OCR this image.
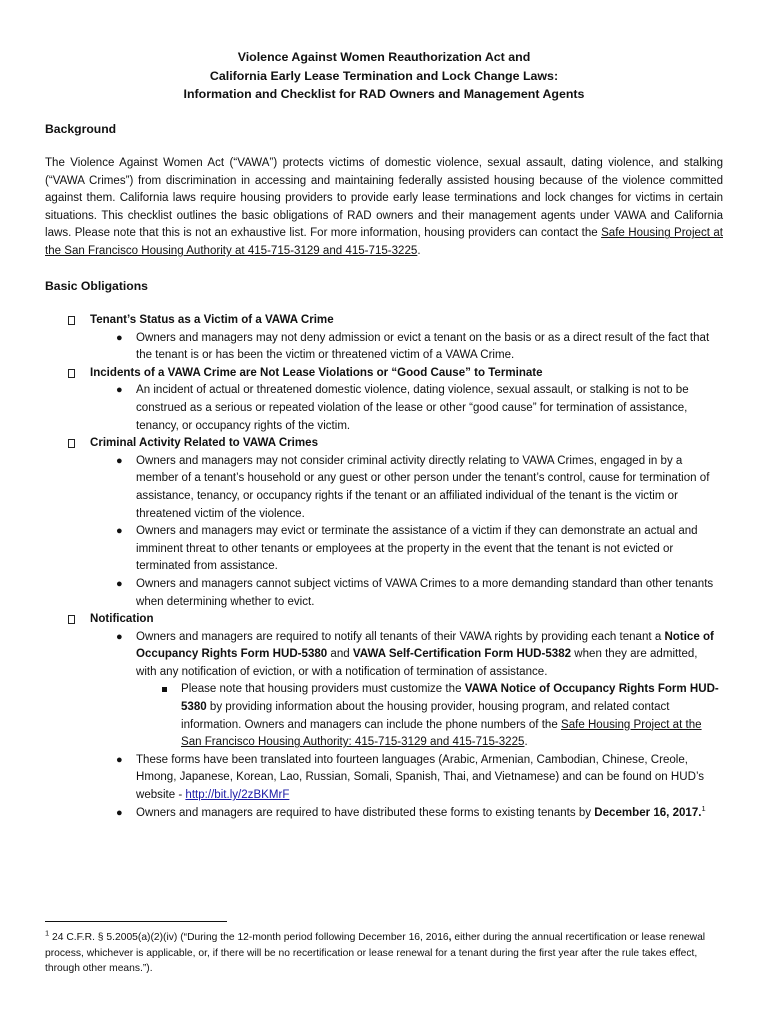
Violence Against Women Reauthorization Act and
California Early Lease Termination and Lock Change Laws:
Information and Checklist for RAD Owners and Management Agents
Background
The Violence Against Women Act (“VAWA”) protects victims of domestic violence, sexual assault, dating violence, and stalking (“VAWA Crimes”) from discrimination in accessing and maintaining federally assisted housing because of the violence committed against them. California laws require housing providers to provide early lease terminations and lock changes for victims in certain situations. This checklist outlines the basic obligations of RAD owners and their management agents under VAWA and California laws. Please note that this is not an exhaustive list. For more information, housing providers can contact the Safe Housing Project at the San Francisco Housing Authority at 415-715-3129 and 415-715-3225.
Basic Obligations
Tenant’s Status as a Victim of a VAWA Crime
● Owners and managers may not deny admission or evict a tenant on the basis or as a direct result of the fact that the tenant is or has been the victim or threatened victim of a VAWA Crime.
Incidents of a VAWA Crime are Not Lease Violations or “Good Cause” to Terminate
● An incident of actual or threatened domestic violence, dating violence, sexual assault, or stalking is not to be construed as a serious or repeated violation of the lease or other “good cause” for termination of assistance, tenancy, or occupancy rights of the victim.
Criminal Activity Related to VAWA Crimes
● Owners and managers may not consider criminal activity directly relating to VAWA Crimes, engaged in by a member of a tenant’s household or any guest or other person under the tenant’s control, cause for termination of assistance, tenancy, or occupancy rights if the tenant or an affiliated individual of the tenant is the victim or threatened victim of the violence.
● Owners and managers may evict or terminate the assistance of a victim if they can demonstrate an actual and imminent threat to other tenants or employees at the property in the event that the tenant is not evicted or terminated from assistance.
● Owners and managers cannot subject victims of VAWA Crimes to a more demanding standard than other tenants when determining whether to evict.
Notification
● Owners and managers are required to notify all tenants of their VAWA rights by providing each tenant a Notice of Occupancy Rights Form HUD-5380 and VAWA Self-Certification Form HUD-5382 when they are admitted, with any notification of eviction, or with a notification of termination of assistance.
Please note that housing providers must customize the VAWA Notice of Occupancy Rights Form HUD-5380 by providing information about the housing provider, housing program, and related contact information. Owners and managers can include the phone numbers of the Safe Housing Project at the San Francisco Housing Authority: 415-715-3129 and 415-715-3225.
● These forms have been translated into fourteen languages (Arabic, Armenian, Cambodian, Chinese, Creole, Hmong, Japanese, Korean, Lao, Russian, Somali, Spanish, Thai, and Vietnamese) and can be found on HUD’s website - http://bit.ly/2zBKMrF
● Owners and managers are required to have distributed these forms to existing tenants by December 16, 2017.$^1$
$^1$ 24 C.F.R. § 5.2005(a)(2)(iv) (“During the 12-month period following December 16, 2016, either during the annual recertification or lease renewal process, whichever is applicable, or, if there will be no recertification or lease renewal for a tenant during the first year after the rule takes effect, through other means.”).
